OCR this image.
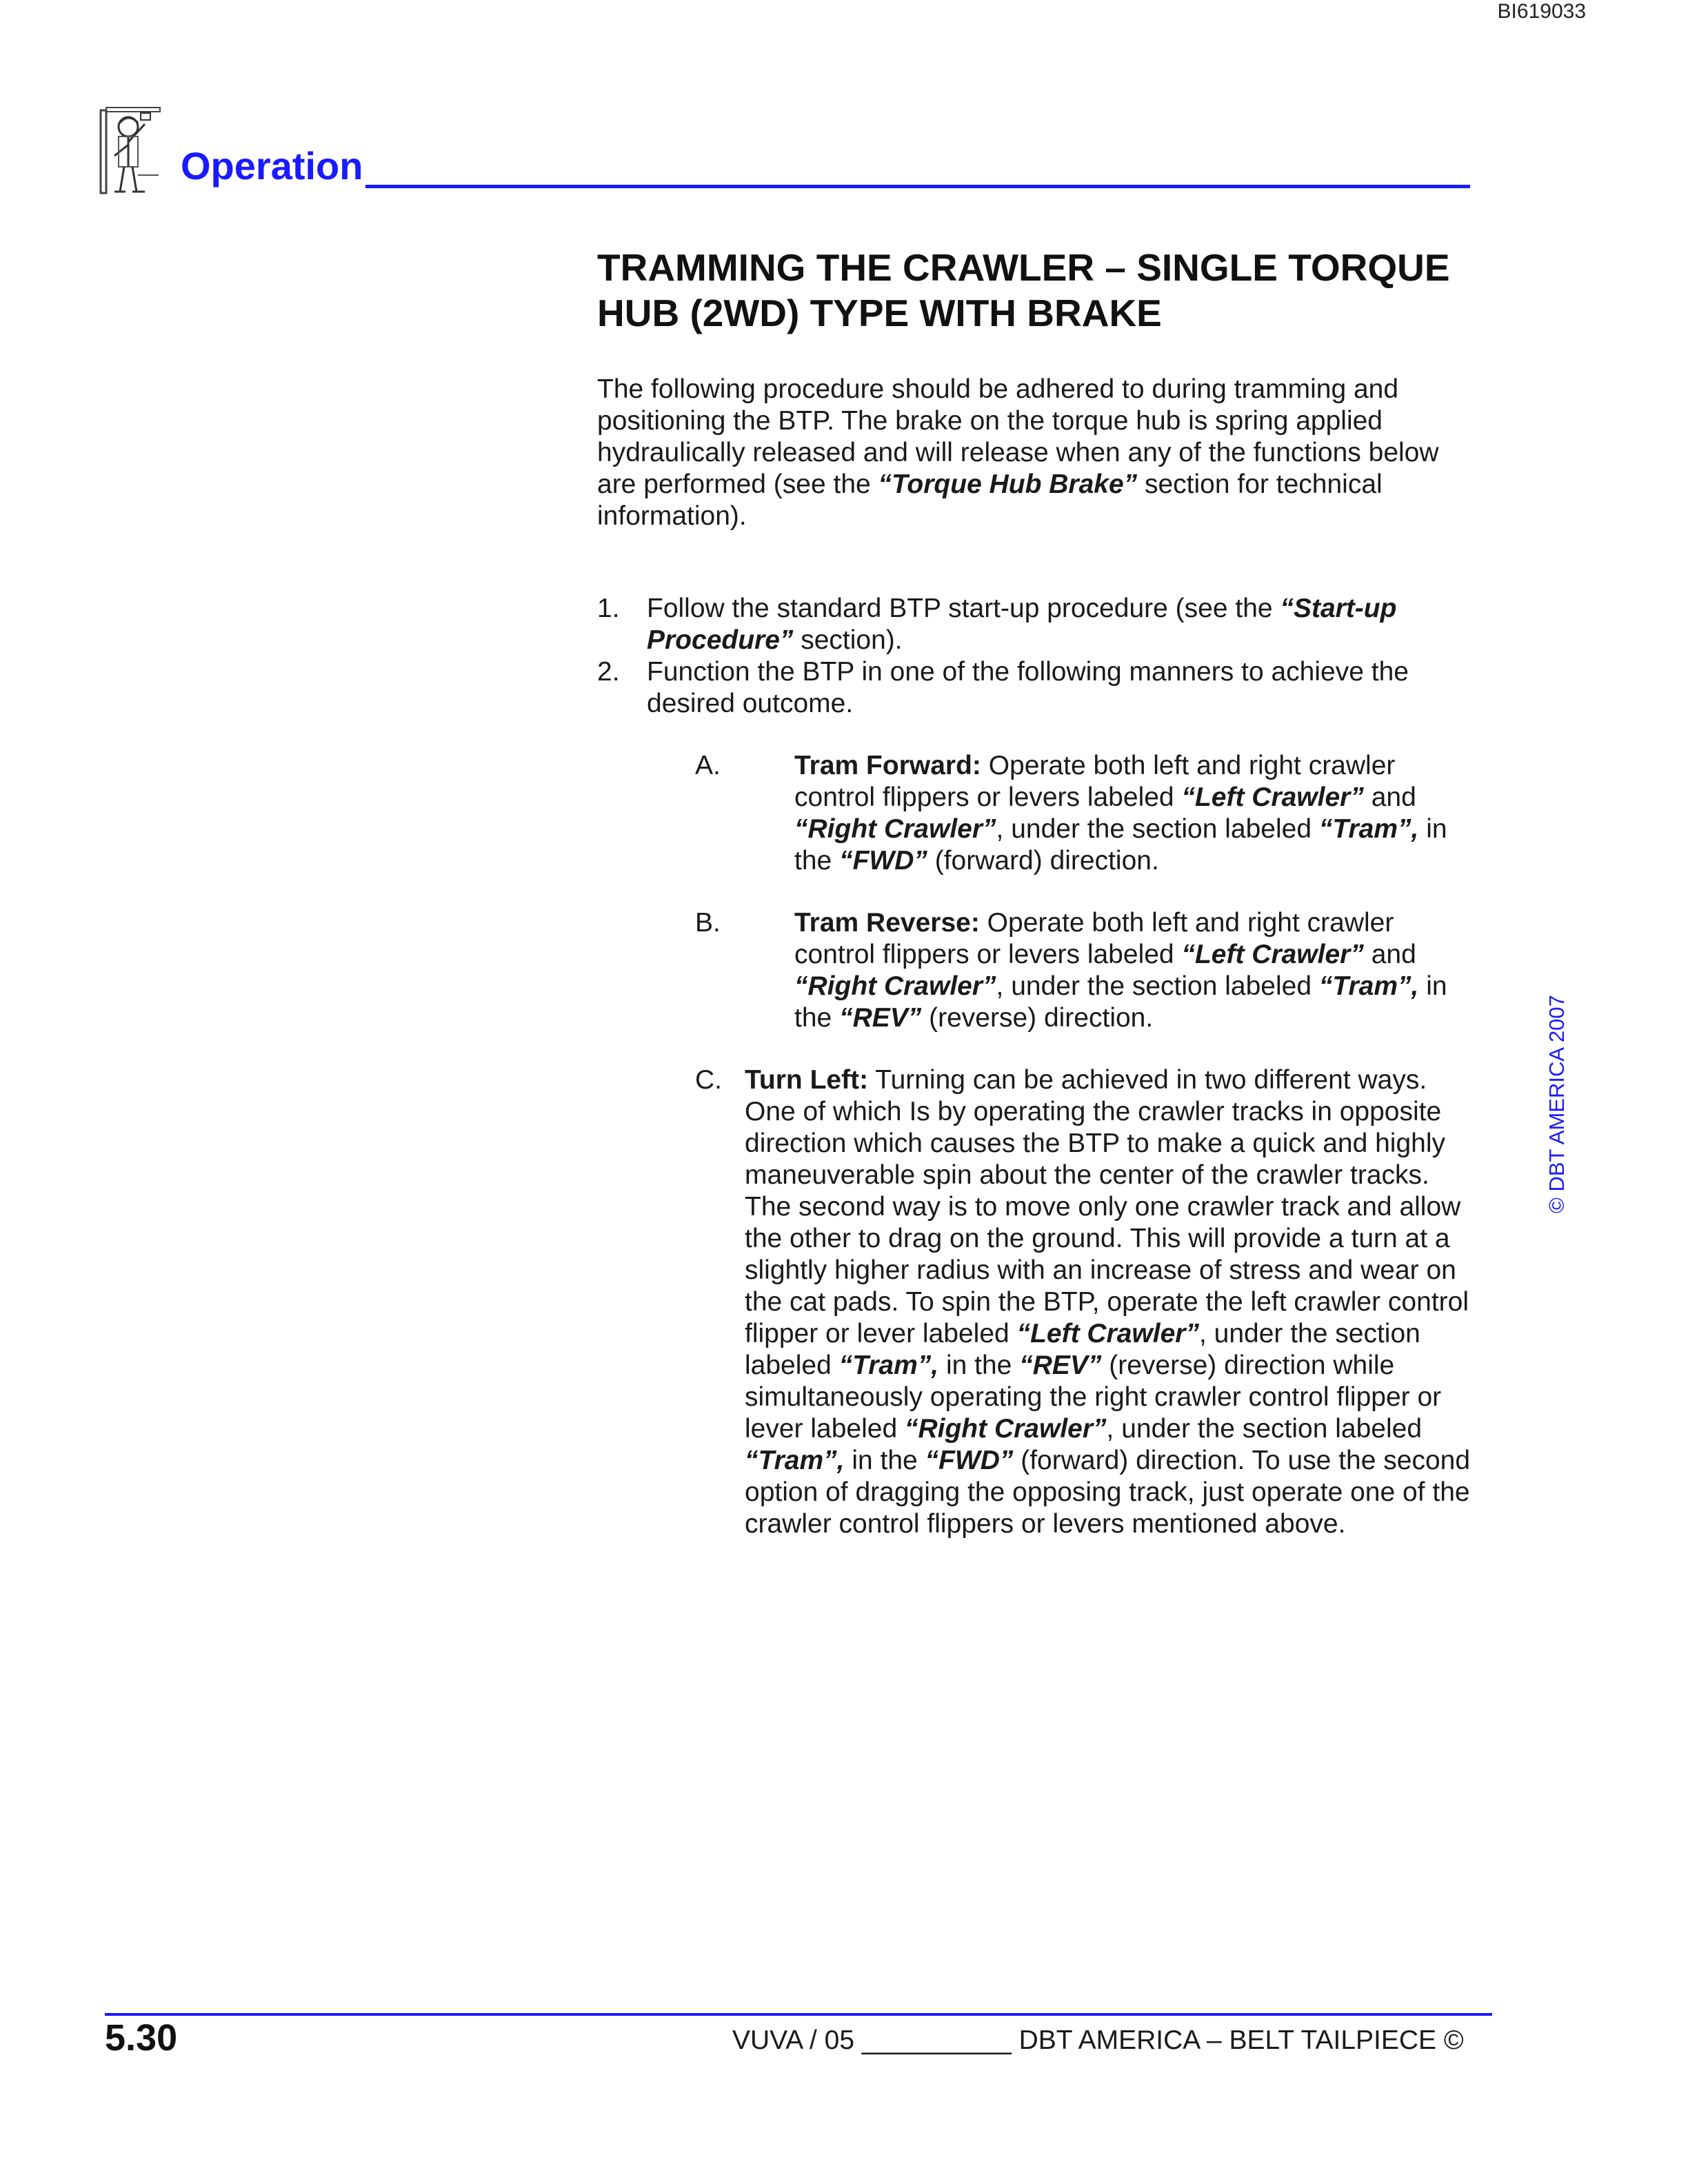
BI619033
Operation
TRAMMING THE CRAWLER – SINGLE TORQUE
HUB (2WD) TYPE WITH BRAKE
The following procedure should be adhered to during tramming and positioning the BTP. The brake on the torque hub is spring applied hydraulically released and will release when any of the functions below are performed (see the “Torque Hub Brake” section for technical information).
1. Follow the standard BTP start-up procedure (see the “Start-up Procedure” section).
2. Function the BTP in one of the following manners to achieve the desired outcome.
A.	Tram Forward: Operate both left and right crawler control flippers or levers labeled “Left Crawler” and “Right Crawler”, under the section labeled “Tram”, in the “FWD” (forward) direction.
B.	Tram Reverse: Operate both left and right crawler control flippers or levers labeled “Left Crawler” and “Right Crawler”, under the section labeled “Tram”, in the “REV” (reverse) direction.
C. Turn Left: Turning can be achieved in two different ways. One of which Is by operating the crawler tracks in opposite direction which causes the BTP to make a quick and highly maneuverable spin about the center of the crawler tracks. The second way is to move only one crawler track and allow the other to drag on the ground. This will provide a turn at a slightly higher radius with an increase of stress and wear on the cat pads. To spin the BTP, operate the left crawler control flipper or lever labeled “Left Crawler”, under the section labeled “Tram”, in the “REV” (reverse) direction while simultaneously operating the right crawler control flipper or lever labeled “Right Crawler”, under the section labeled “Tram”, in the “FWD” (forward) direction. To use the second option of dragging the opposing track, just operate one of the crawler control flippers or levers mentioned above.
© DBT AMERICA 2007
5.30	VUVA / 05 __________ DBT AMERICA – BELT TAILPIECE ©
